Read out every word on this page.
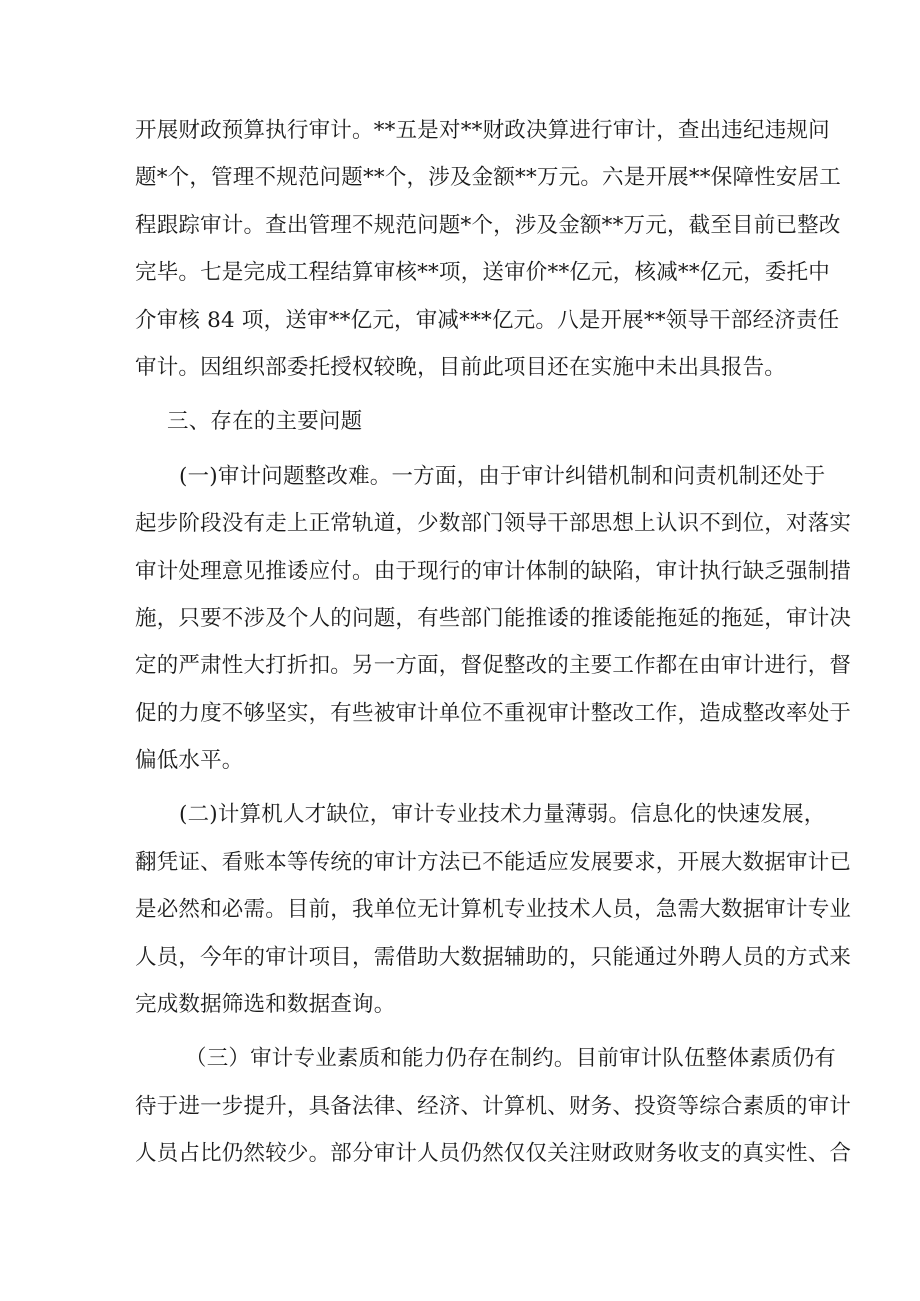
开展财政预算执行审计。**五是对**财政决算进行审计，查出违纪违规问
题*个，管理不规范问题**个，涉及金额**万元。六是开展**保障性安居工
程跟踪审计。查出管理不规范问题*个，涉及金额**万元，截至目前已整改
完毕。七是完成工程结算审核**项，送审价**亿元，核减**亿元，委托中
介审核 84 项，送审**亿元，审减***亿元。八是开展**领导干部经济责任
审计。因组织部委托授权较晚，目前此项目还在实施中未出具报告。
三、存在的主要问题
(一)审计问题整改难。一方面，由于审计纠错机制和问责机制还处于
起步阶段没有走上正常轨道，少数部门领导干部思想上认识不到位，对落实
审计处理意见推诿应付。由于现行的审计体制的缺陷，审计执行缺乏强制措
施，只要不涉及个人的问题，有些部门能推诿的推诿能拖延的拖延，审计决
定的严肃性大打折扣。另一方面，督促整改的主要工作都在由审计进行，督
促的力度不够坚实，有些被审计单位不重视审计整改工作，造成整改率处于
偏低水平。
(二)计算机人才缺位，审计专业技术力量薄弱。信息化的快速发展，
翻凭证、看账本等传统的审计方法已不能适应发展要求，开展大数据审计已
是必然和必需。目前，我单位无计算机专业技术人员，急需大数据审计专业
人员，今年的审计项目，需借助大数据辅助的，只能通过外聘人员的方式来
完成数据筛选和数据查询。
（三）审计专业素质和能力仍存在制约。目前审计队伍整体素质仍有
待于进一步提升，具备法律、经济、计算机、财务、投资等综合素质的审计
人员占比仍然较少。部分审计人员仍然仅仅关注财政财务收支的真实性、合
